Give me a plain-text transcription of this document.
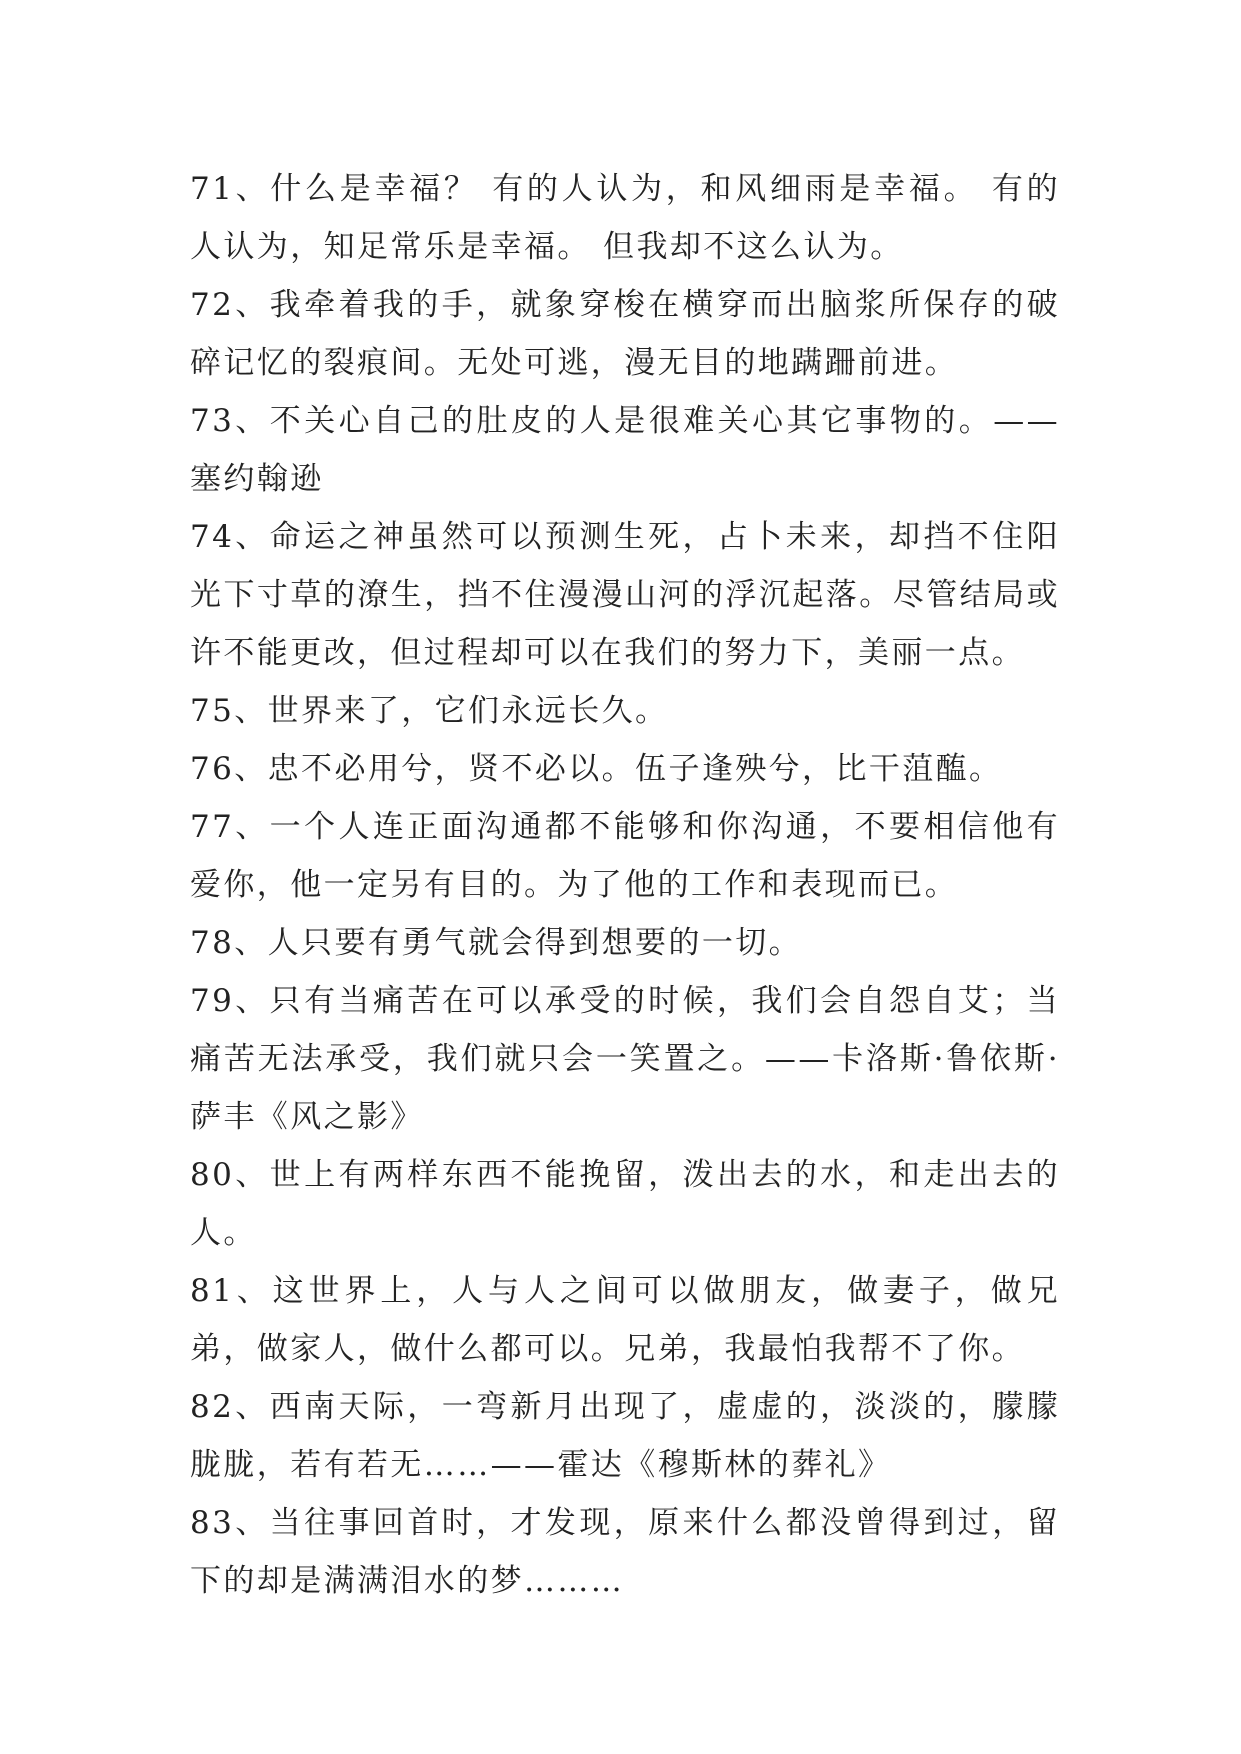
71、什么是幸福？ 有的人认为，和风细雨是幸福。 有的人认为，知足常乐是幸福。 但我却不这么认为。

72、我牵着我的手，就象穿梭在横穿而出脑浆所保存的破碎记忆的裂痕间。无处可逃，漫无目的地蹒跚前进。

73、不关心自己的肚皮的人是很难关心其它事物的。——塞约翰逊

74、命运之神虽然可以预测生死，占卜未来，却挡不住阳光下寸草的潦生，挡不住漫漫山河的浮沉起落。尽管结局或许不能更改，但过程却可以在我们的努力下，美丽一点。

75、世界来了，它们永远长久。

76、忠不必用兮，贤不必以。伍子逢殃兮，比干菹醢。

77、一个人连正面沟通都不能够和你沟通，不要相信他有爱你，他一定另有目的。为了他的工作和表现而已。

78、人只要有勇气就会得到想要的一切。

79、只有当痛苦在可以承受的时候，我们会自怨自艾；当痛苦无法承受，我们就只会一笑置之。——卡洛斯·鲁依斯·萨丰《风之影》

80、世上有两样东西不能挽留，泼出去的水，和走出去的人。

81、这世界上，人与人之间可以做朋友，做妻子，做兄弟，做家人，做什么都可以。兄弟，我最怕我帮不了你。

82、西南天际，一弯新月出现了，虚虚的，淡淡的，朦朦胧胧，若有若无……——霍达《穆斯林的葬礼》

83、当往事回首时，才发现，原来什么都没曾得到过，留下的却是满满泪水的梦………
